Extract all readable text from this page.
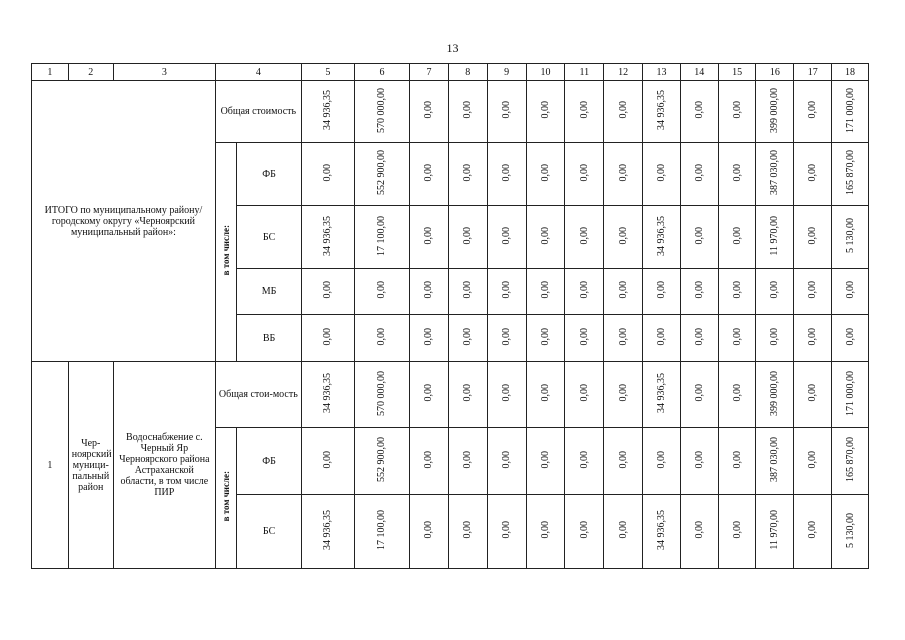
13
1	2	3	4		5	6	7	8	9	10	11	12	13	14	15	16	17	18

ИТОГО по муниципальному району/ городскому округу «Черноярский муниципальный район»:			Общая стоимость		34 936,35	570 000,00	0,00	0,00	0,00	0,00	0,00	0,00	34 936,35	0,00	0,00	399 000,00	0,00	171 000,00
			в том числе:	ФБ	0,00	552 900,00	0,00	0,00	0,00	0,00	0,00	0,00	0,00	0,00	0,00	387 030,00	0,00	165 870,00
				БС	34 936,35	17 100,00	0,00	0,00	0,00	0,00	0,00	0,00	34 936,35	0,00	0,00	11 970,00	0,00	5 130,00
				МБ	0,00	0,00	0,00	0,00	0,00	0,00	0,00	0,00	0,00	0,00	0,00	0,00	0,00	0,00
				ВБ	0,00	0,00	0,00	0,00	0,00	0,00	0,00	0,00	0,00	0,00	0,00	0,00	0,00	0,00
1	Чер-ноярский муници-пальный район	Водоснабжение с. Черный Яр Черноярского района Астраханской области, в том числе ПИР	Общая стои-мость		34 936,35	570 000,00	0,00	0,00	0,00	0,00	0,00	0,00	34 936,35	0,00	0,00	399 000,00	0,00	171 000,00
			в том числе:	ФБ	0,00	552 900,00	0,00	0,00	0,00	0,00	0,00	0,00	0,00	0,00	0,00	387 030,00	0,00	165 870,00
				БС	34 936,35	17 100,00	0,00	0,00	0,00	0,00	0,00	0,00	34 936,35	0,00	0,00	11 970,00	0,00	5 130,00
